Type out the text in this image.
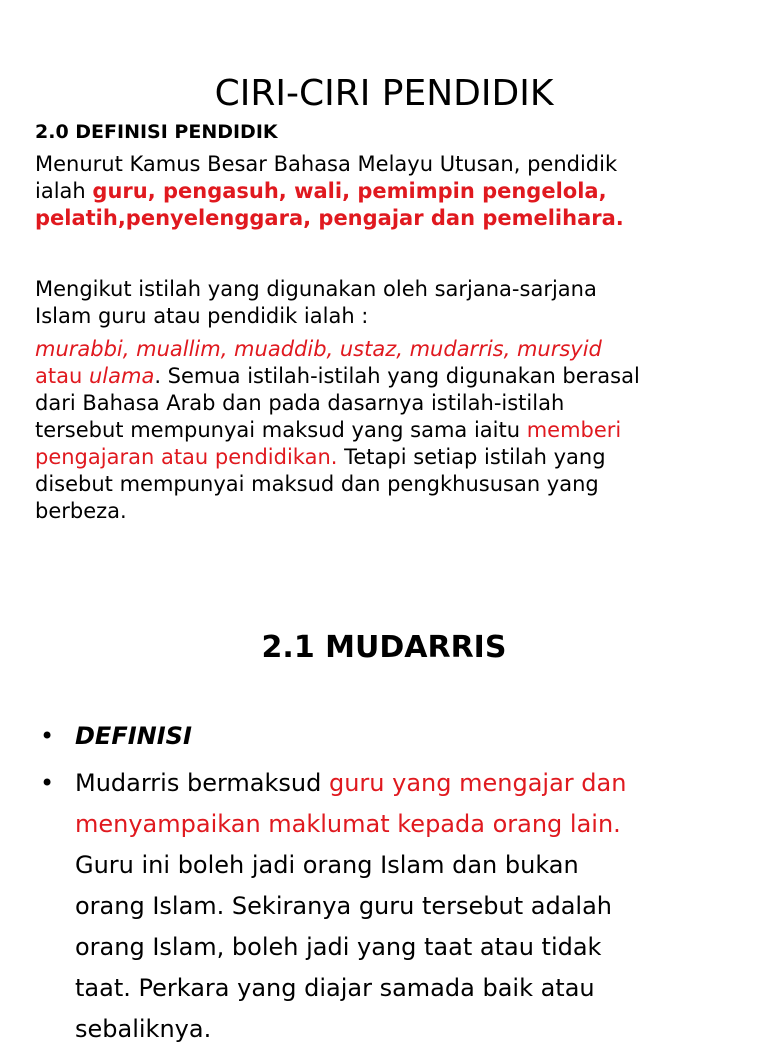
CIRI-CIRI PENDIDIK
2.0 DEFINISI PENDIDIK
Menurut Kamus Besar Bahasa Melayu Utusan, pendidik
ialah guru, pengasuh, wali, pemimpin pengelola,
pelatih,penyelenggara, pengajar dan pemelihara.
Mengikut istilah yang digunakan oleh sarjana-sarjana
Islam guru atau pendidik ialah :
murabbi, muallim, muaddib, ustaz, mudarris, mursyid
atau ulama. Semua istilah-istilah yang digunakan berasal
dari Bahasa Arab dan pada dasarnya istilah-istilah
tersebut mempunyai maksud yang sama iaitu memberi
pengajaran atau pendidikan. Tetapi setiap istilah yang
disebut mempunyai maksud dan pengkhususan yang
berbeza.
2.1 MUDARRIS
• DEFINISI
• Mudarris bermaksud guru yang mengajar dan
menyampaikan maklumat kepada orang lain.
Guru ini boleh jadi orang Islam dan bukan
orang Islam. Sekiranya guru tersebut adalah
orang Islam, boleh jadi yang taat atau tidak
taat. Perkara yang diajar samada baik atau
sebaliknya.
